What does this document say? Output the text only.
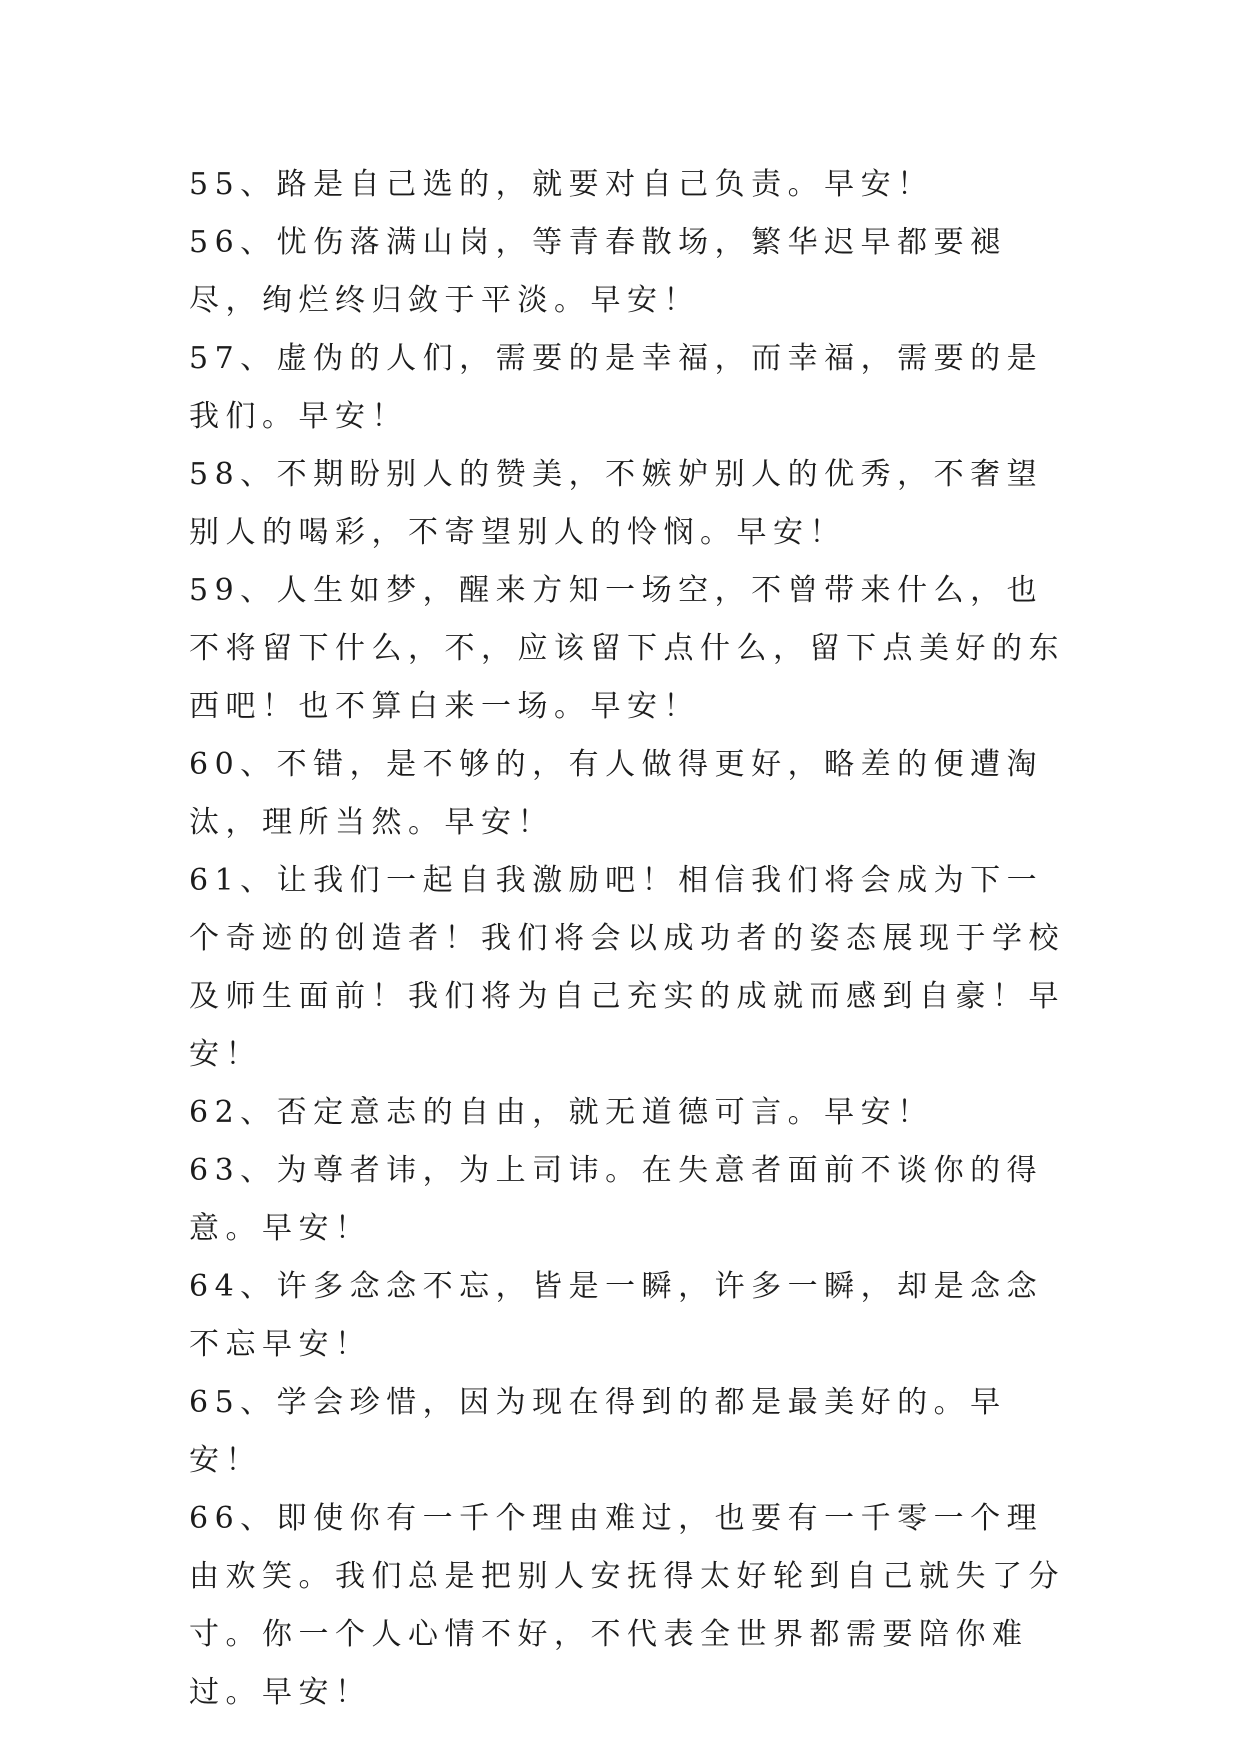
55、路是自己选的，就要对自己负责。早安！

56、忧伤落满山岗，等青春散场，繁华迟早都要褪尽，绚烂终归敛于平淡。早安！

57、虚伪的人们，需要的是幸福，而幸福，需要的是我们。早安！

58、不期盼别人的赞美，不嫉妒别人的优秀，不奢望别人的喝彩，不寄望别人的怜悯。早安！

59、人生如梦，醒来方知一场空，不曾带来什么，也不将留下什么，不，应该留下点什么，留下点美好的东西吧！也不算白来一场。早安！

60、不错，是不够的，有人做得更好，略差的便遭淘汰，理所当然。早安！

61、让我们一起自我激励吧！相信我们将会成为下一个奇迹的创造者！我们将会以成功者的姿态展现于学校及师生面前！我们将为自己充实的成就而感到自豪！早安！

62、否定意志的自由，就无道德可言。早安！

63、为尊者讳，为上司讳。在失意者面前不谈你的得意。早安！

64、许多念念不忘，皆是一瞬，许多一瞬，却是念念不忘早安！

65、学会珍惜，因为现在得到的都是最美好的。早安！

66、即使你有一千个理由难过，也要有一千零一个理由欢笑。我们总是把别人安抚得太好轮到自己就失了分寸。你一个人心情不好，不代表全世界都需要陪你难过。早安！
